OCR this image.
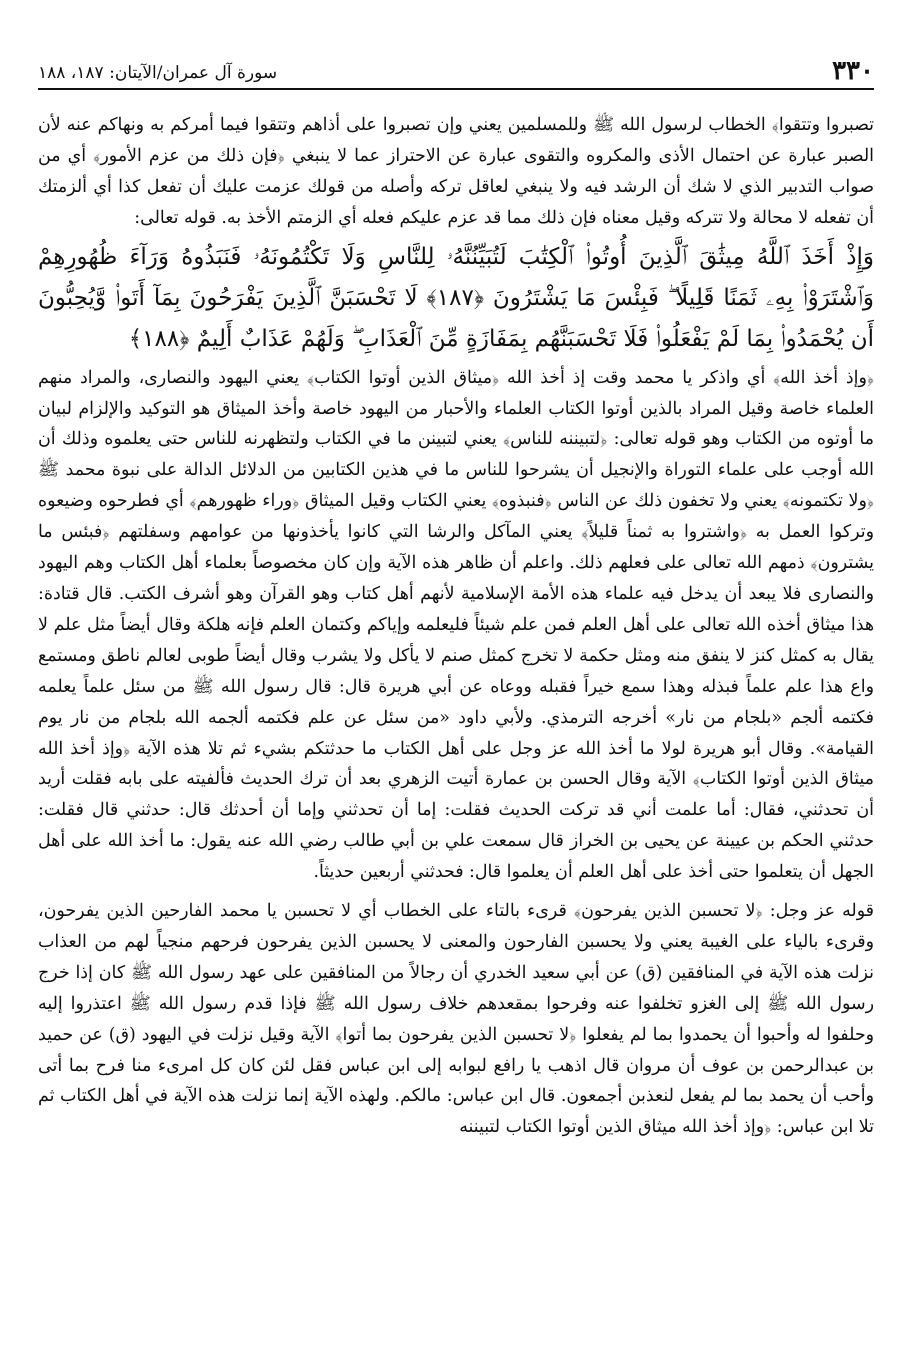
٣٣٠
سورة آل عمران/الآيتان: ١٨٧، ١٨٨

تصبروا وتتقوا﴾ الخطاب لرسول الله ﷺ وللمسلمين يعني وإن تصبروا على أذاهم وتتقوا فيما أمركم به ونهاكم عنه لأن الصبر عبارة عن احتمال الأذى والمكروه والتقوى عبارة عن الاحتراز عما لا ينبغي ﴿فإن ذلك من عزم الأمور﴾ أي من صواب التدبير الذي لا شك أن الرشد فيه ولا ينبغي لعاقل تركه وأصله من قولك عزمت عليك أن تفعل كذا أي ألزمتك أن تفعله لا محالة ولا تتركه وقيل معناه فإن ذلك مما قد عزم عليكم فعله أي الزمتم الأخذ به. قوله تعالى:

وَإِذْ أَخَذَ ٱللَّهُ مِيثَٰقَ ٱلَّذِينَ أُوتُوا۟ ٱلْكِتَٰبَ لَتُبَيِّنُنَّهُۥ لِلنَّاسِ وَلَا تَكْتُمُونَهُۥ فَنَبَذُوهُ وَرَآءَ ظُهُورِهِمْ وَٱشْتَرَوْا۟ بِهِۦ ثَمَنًا قَلِيلًا ۖ فَبِئْسَ مَا يَشْتَرُونَ ﴿١٨٧﴾ لَا تَحْسَبَنَّ ٱلَّذِينَ يَفْرَحُونَ بِمَآ أَتَوا۟ وَّيُحِبُّونَ أَن يُحْمَدُوا۟ بِمَا لَمْ يَفْعَلُوا۟ فَلَا تَحْسَبَنَّهُم بِمَفَازَةٍ مِّنَ ٱلْعَذَابِ ۖ وَلَهُمْ عَذَابٌ أَلِيمٌ ﴿١٨٨﴾

﴿وإذ أخذ الله﴾ أي واذكر يا محمد وقت إذ أخذ الله ﴿ميثاق الذين أوتوا الكتاب﴾ يعني اليهود والنصارى، والمراد منهم العلماء خاصة وقيل المراد بالذين أوتوا الكتاب العلماء والأحبار من اليهود خاصة وأخذ الميثاق هو التوكيد والإلزام لبيان ما أوتوه من الكتاب وهو قوله تعالى: ﴿لتبيننه للناس﴾ يعني لتبينن ما في الكتاب ولتظهرنه للناس حتى يعلموه وذلك أن الله أوجب على علماء التوراة والإنجيل أن يشرحوا للناس ما في هذين الكتابين من الدلائل الدالة على نبوة محمد ﷺ ﴿ولا تكتمونه﴾ يعني ولا تخفون ذلك عن الناس ﴿فنبذوه﴾ يعني الكتاب وقيل الميثاق ﴿وراء ظهورهم﴾ أي فطرحوه وضيعوه وتركوا العمل به ﴿واشتروا به ثمناً قليلاً﴾ يعني المآكل والرشا التي كانوا يأخذونها من عوامهم وسفلتهم ﴿فبئس ما يشترون﴾ ذمهم الله تعالى على فعلهم ذلك. واعلم أن ظاهر هذه الآية وإن كان مخصوصاً بعلماء أهل الكتاب وهم اليهود والنصارى فلا يبعد أن يدخل فيه علماء هذه الأمة الإسلامية لأنهم أهل كتاب وهو القرآن وهو أشرف الكتب. قال قتادة: هذا ميثاق أخذه الله تعالى على أهل العلم فمن علم شيئاً فليعلمه وإياكم وكتمان العلم فإنه هلكة وقال أيضاً مثل علم لا يقال به كمثل كنز لا ينفق منه ومثل حكمة لا تخرج كمثل صنم لا يأكل ولا يشرب وقال أيضاً طوبى لعالم ناطق ومستمع واع هذا علم علماً فبذله وهذا سمع خيراً فقبله ووعاه عن أبي هريرة قال: قال رسول الله ﷺ من سئل علماً يعلمه فكتمه ألجم «بلجام من نار» أخرجه الترمذي. ولأبي داود «من سئل عن علم فكتمه ألجمه الله بلجام من نار يوم القيامة». وقال أبو هريرة لولا ما أخذ الله عز وجل على أهل الكتاب ما حدثتكم بشيء ثم تلا هذه الآية ﴿وإذ أخذ الله ميثاق الذين أوتوا الكتاب﴾ الآية وقال الحسن بن عمارة أتيت الزهري بعد أن ترك الحديث فألفيته على بابه فقلت أريد أن تحدثني، فقال: أما علمت أني قد تركت الحديث فقلت: إما أن تحدثني وإما أن أحدثك قال: حدثني قال فقلت: حدثني الحكم بن عيينة عن يحيى بن الخراز قال سمعت علي بن أبي طالب رضي الله عنه يقول: ما أخذ الله على أهل الجهل أن يتعلموا حتى أخذ على أهل العلم أن يعلموا قال: فحدثني أربعين حديثاً.

قوله عز وجل: ﴿لا تحسبن الذين يفرحون﴾ قرىء بالتاء على الخطاب أي لا تحسبن يا محمد الفارحين الذين يفرحون، وقرىء بالياء على الغيبة يعني ولا يحسبن الفارحون والمعنى لا يحسبن الذين يفرحون فرحهم منجياً لهم من العذاب نزلت هذه الآية في المنافقين (ق) عن أبي سعيد الخدري أن رجالاً من المنافقين على عهد رسول الله ﷺ كان إذا خرج رسول الله ﷺ إلى الغزو تخلفوا عنه وفرحوا بمقعدهم خلاف رسول الله ﷺ فإذا قدم رسول الله ﷺ اعتذروا إليه وحلفوا له وأحبوا أن يحمدوا بما لم يفعلوا ﴿لا تحسبن الذين يفرحون بما أتوا﴾ الآية وقيل نزلت في اليهود (ق) عن حميد بن عبدالرحمن بن عوف أن مروان قال اذهب يا رافع لبوابه إلى ابن عباس فقل لئن كان كل امرىء منا فرح بما أتى وأحب أن يحمد بما لم يفعل لنعذبن أجمعون. قال ابن عباس: مالكم. ولهذه الآية إنما نزلت هذه الآية في أهل الكتاب ثم تلا ابن عباس: ﴿وإذ أخذ الله ميثاق الذين أوتوا الكتاب لتبيننه
